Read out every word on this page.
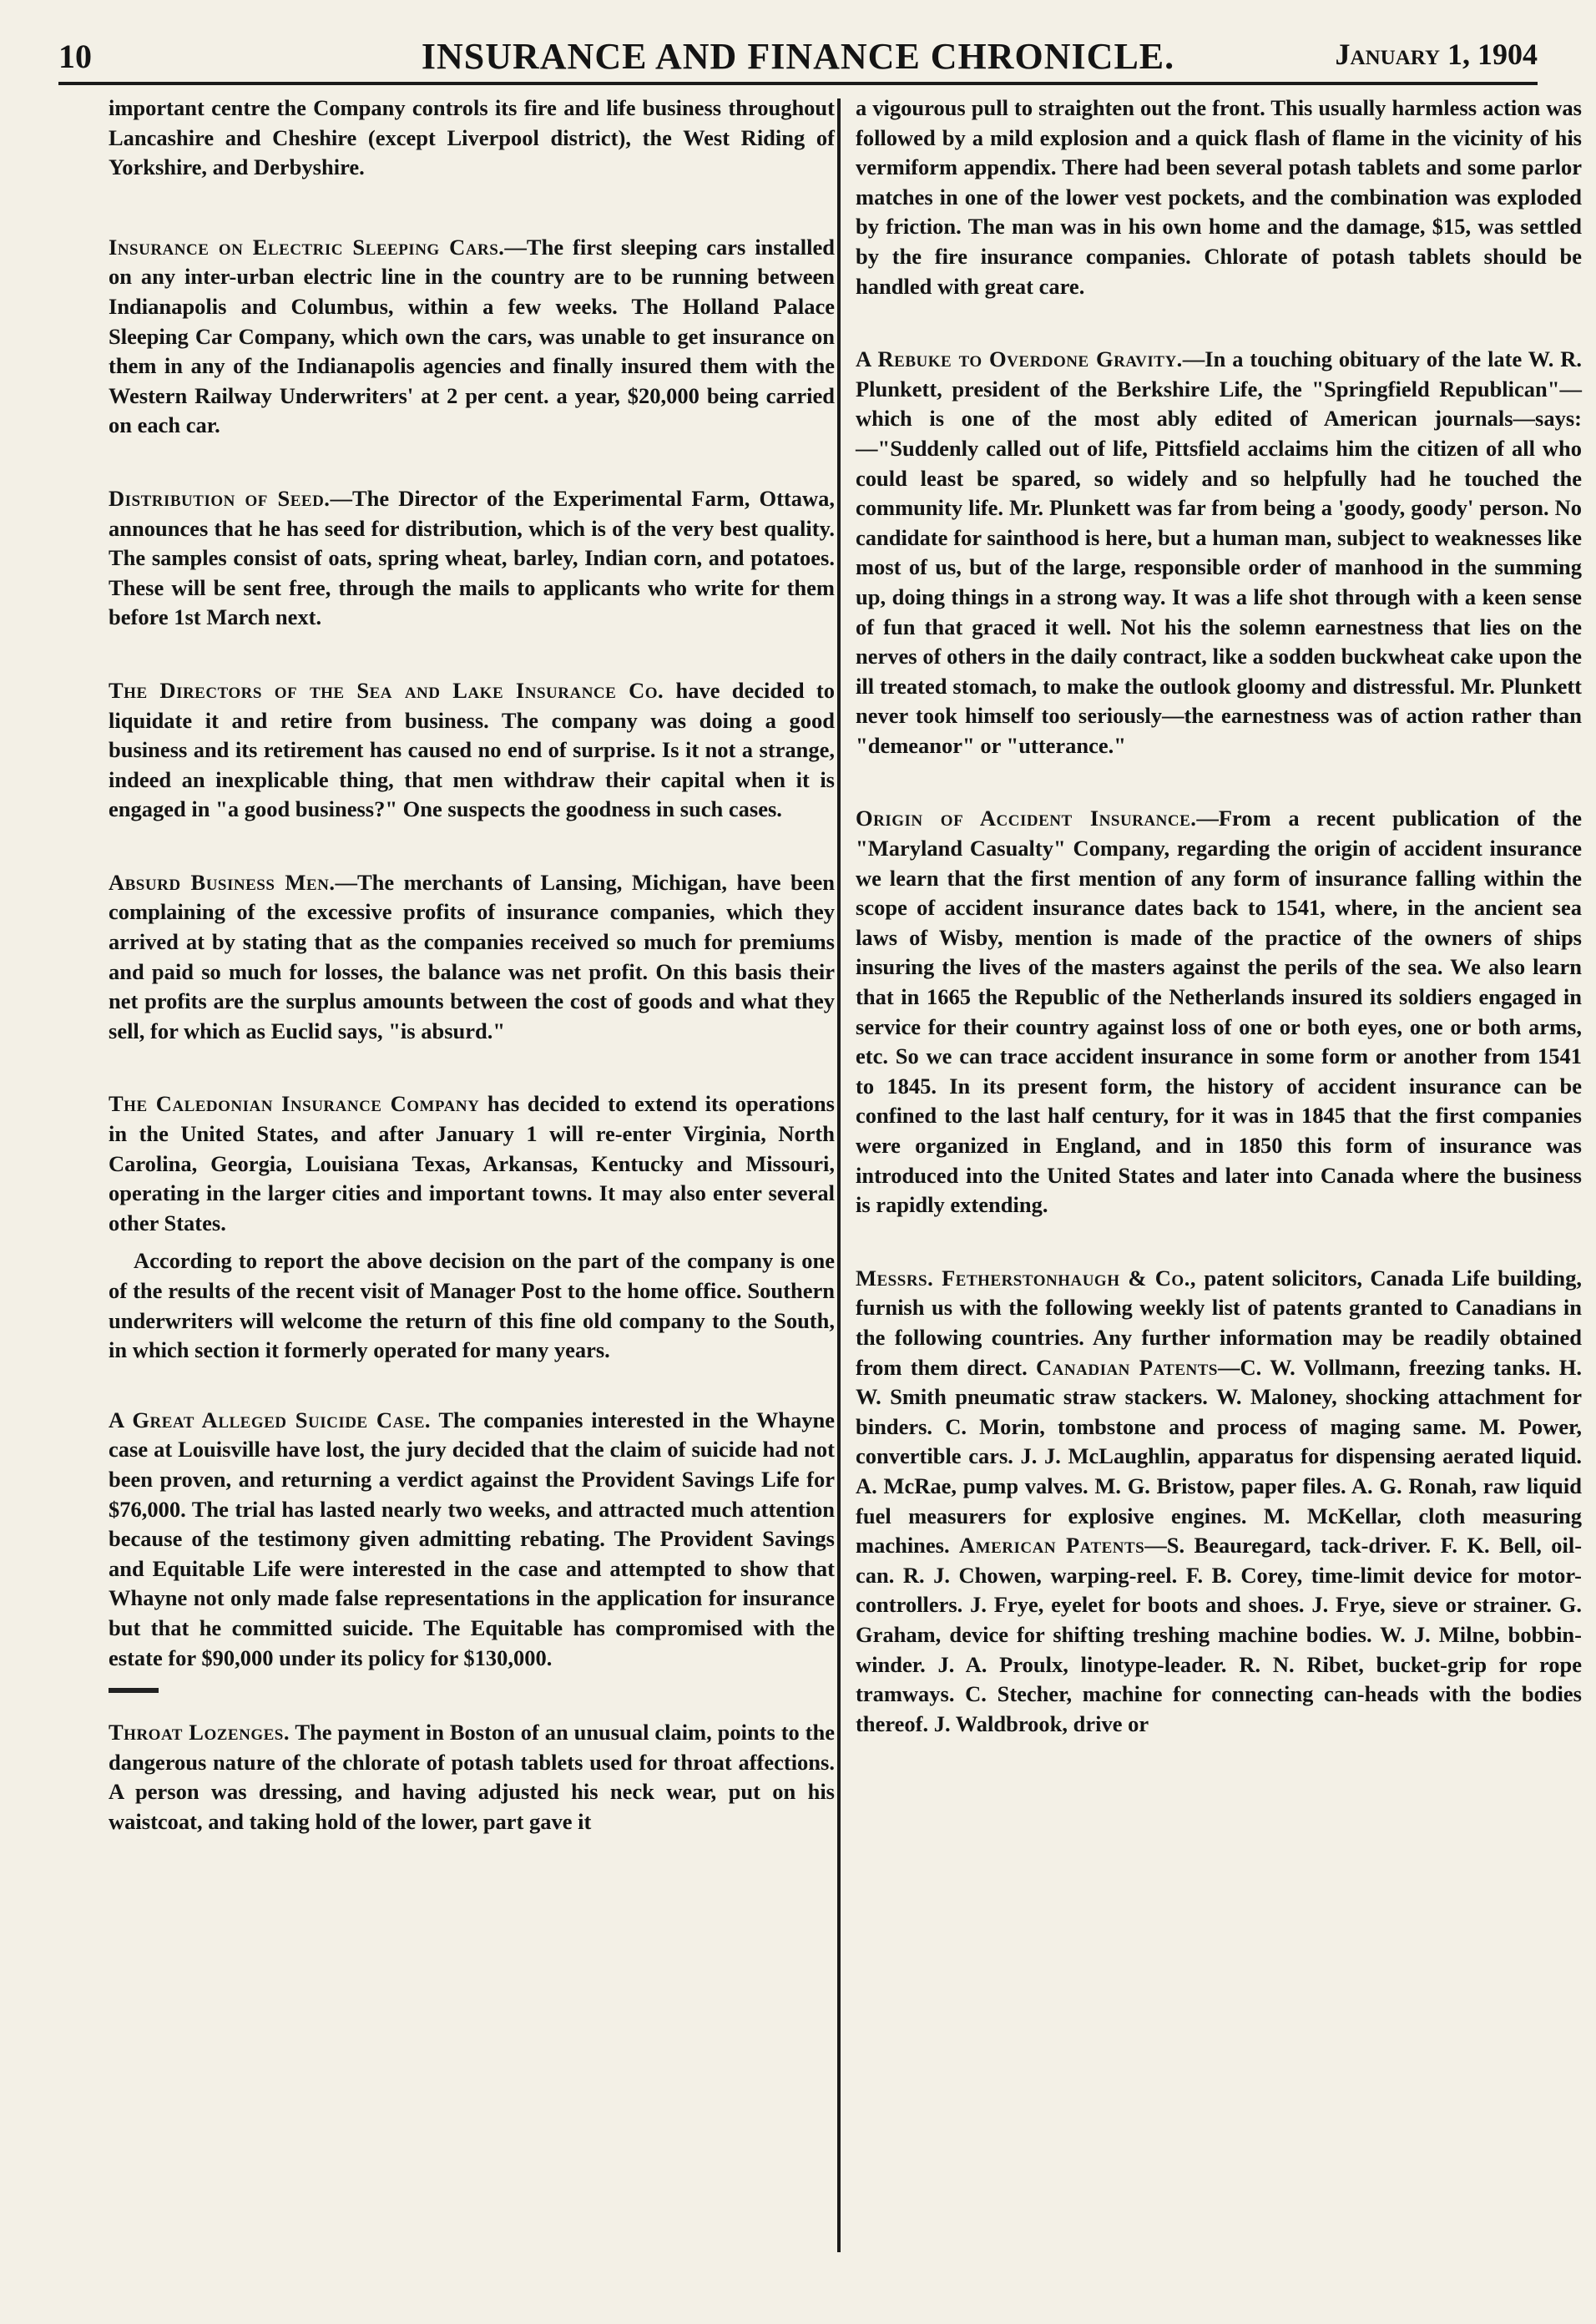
10	INSURANCE AND FINANCE CHRONICLE.	January 1, 1904

important centre the Company controls its fire and life business throughout Lancashire and Cheshire (except Liverpool district), the West Riding of Yorkshire, and Derbyshire.

Insurance on Electric Sleeping Cars.—The first sleeping cars installed on any inter-urban electric line in the country are to be running between Indianapolis and Columbus, within a few weeks. The Holland Palace Sleeping Car Company, which own the cars, was unable to get insurance on them in any of the Indianapolis agencies and finally insured them with the Western Railway Underwriters' at 2 per cent. a year, $20,000 being carried on each car.

Distribution of Seed.—The Director of the Experimental Farm, Ottawa, announces that he has seed for distribution, which is of the very best quality. The samples consist of oats, spring wheat, barley, Indian corn, and potatoes. These will be sent free, through the mails to applicants who write for them before 1st March next.

The Directors of the Sea and Lake Insurance Co. have decided to liquidate it and retire from business. The company was doing a good business and its retirement has caused no end of surprise. Is it not a strange, indeed an inexplicable thing, that men withdraw their capital when it is engaged in "a good business?" One suspects the goodness in such cases.

Absurd Business Men.—The merchants of Lansing, Michigan, have been complaining of the excessive profits of insurance companies, which they arrived at by stating that as the companies received so much for premiums and paid so much for losses, the balance was net profit. On this basis their net profits are the surplus amounts between the cost of goods and what they sell, for which as Euclid says, "is absurd."

The Caledonian Insurance Company has decided to extend its operations in the United States, and after January 1 will re-enter Virginia, North Carolina, Georgia, Louisiana Texas, Arkansas, Kentucky and Missouri, operating in the larger cities and important towns. It may also enter several other States.

According to report the above decision on the part of the company is one of the results of the recent visit of Manager Post to the home office. Southern underwriters will welcome the return of this fine old company to the South, in which section it formerly operated for many years.

A Great Alleged Suicide Case. The companies interested in the Whayne case at Louisville have lost, the jury decided that the claim of suicide had not been proven, and returning a verdict against the Provident Savings Life for $76,000. The trial has lasted nearly two weeks, and attracted much attention because of the testimony given admitting rebating. The Provident Savings and Equitable Life were interested in the case and attempted to show that Whayne not only made false representations in the application for insurance but that he committed suicide. The Equitable has compromised with the estate for $90,000 under its policy for $130,000.

Throat Lozenges. The payment in Boston of an unusual claim, points to the dangerous nature of the chlorate of potash tablets used for throat affections. A person was dressing, and having adjusted his neck wear, put on his waistcoat, and taking hold of the lower, part gave it

a vigourous pull to straighten out the front. This usually harmless action was followed by a mild explosion and a quick flash of flame in the vicinity of his vermiform appendix. There had been several potash tablets and some parlor matches in one of the lower vest pockets, and the combination was exploded by friction. The man was in his own home and the damage, $15, was settled by the fire insurance companies. Chlorate of potash tablets should be handled with great care.

A Rebuke to Overdone Gravity.—In a touching obituary of the late W. R. Plunkett, president of the Berkshire Life, the "Springfield Republican"—which is one of the most ably edited of American journals—says:—"Suddenly called out of life, Pittsfield acclaims him the citizen of all who could least be spared, so widely and so helpfully had he touched the community life. Mr. Plunkett was far from being a 'goody, goody' person. No candidate for sainthood is here, but a human man, subject to weaknesses like most of us, but of the large, responsible order of manhood in the summing up, doing things in a strong way. It was a life shot through with a keen sense of fun that graced it well. Not his the solemn earnestness that lies on the nerves of others in the daily contract, like a sodden buckwheat cake upon the ill treated stomach, to make the outlook gloomy and distressful. Mr. Plunkett never took himself too seriously—the earnestness was of action rather than "demeanor" or "utterance."

Origin of Accident Insurance.—From a recent publication of the "Maryland Casualty" Company, regarding the origin of accident insurance we learn that the first mention of any form of insurance falling within the scope of accident insurance dates back to 1541, where, in the ancient sea laws of Wisby, mention is made of the practice of the owners of ships insuring the lives of the masters against the perils of the sea. We also learn that in 1665 the Republic of the Netherlands insured its soldiers engaged in service for their country against loss of one or both eyes, one or both arms, etc. So we can trace accident insurance in some form or another from 1541 to 1845. In its present form, the history of accident insurance can be confined to the last half century, for it was in 1845 that the first companies were organized in England, and in 1850 this form of insurance was introduced into the United States and later into Canada where the business is rapidly extending.

Messrs. Fetherstonhaugh & Co., patent solicitors, Canada Life building, furnish us with the following weekly list of patents granted to Canadians in the following countries. Any further information may be readily obtained from them direct. Canadian Patents—C. W. Vollmann, freezing tanks. H. W. Smith pneumatic straw stackers. W. Maloney, shocking attachment for binders. C. Morin, tombstone and process of maging same. M. Power, convertible cars. J. J. McLaughlin, apparatus for dispensing aerated liquid. A. McRae, pump valves. M. G. Bristow, paper files. A. G. Ronah, raw liquid fuel measurers for explosive engines. M. McKellar, cloth measuring machines. American Patents—S. Beauregard, tack-driver. F. K. Bell, oil-can. R. J. Chowen, warping-reel. F. B. Corey, time-limit device for motor-controllers. J. Frye, eyelet for boots and shoes. J. Frye, sieve or strainer. G. Graham, device for shifting treshing machine bodies. W. J. Milne, bobbin-winder. J. A. Proulx, linotype-leader. R. N. Ribet, bucket-grip for rope tramways. C. Stecher, machine for connecting can-heads with the bodies thereof. J. Waldbrook, drive or
